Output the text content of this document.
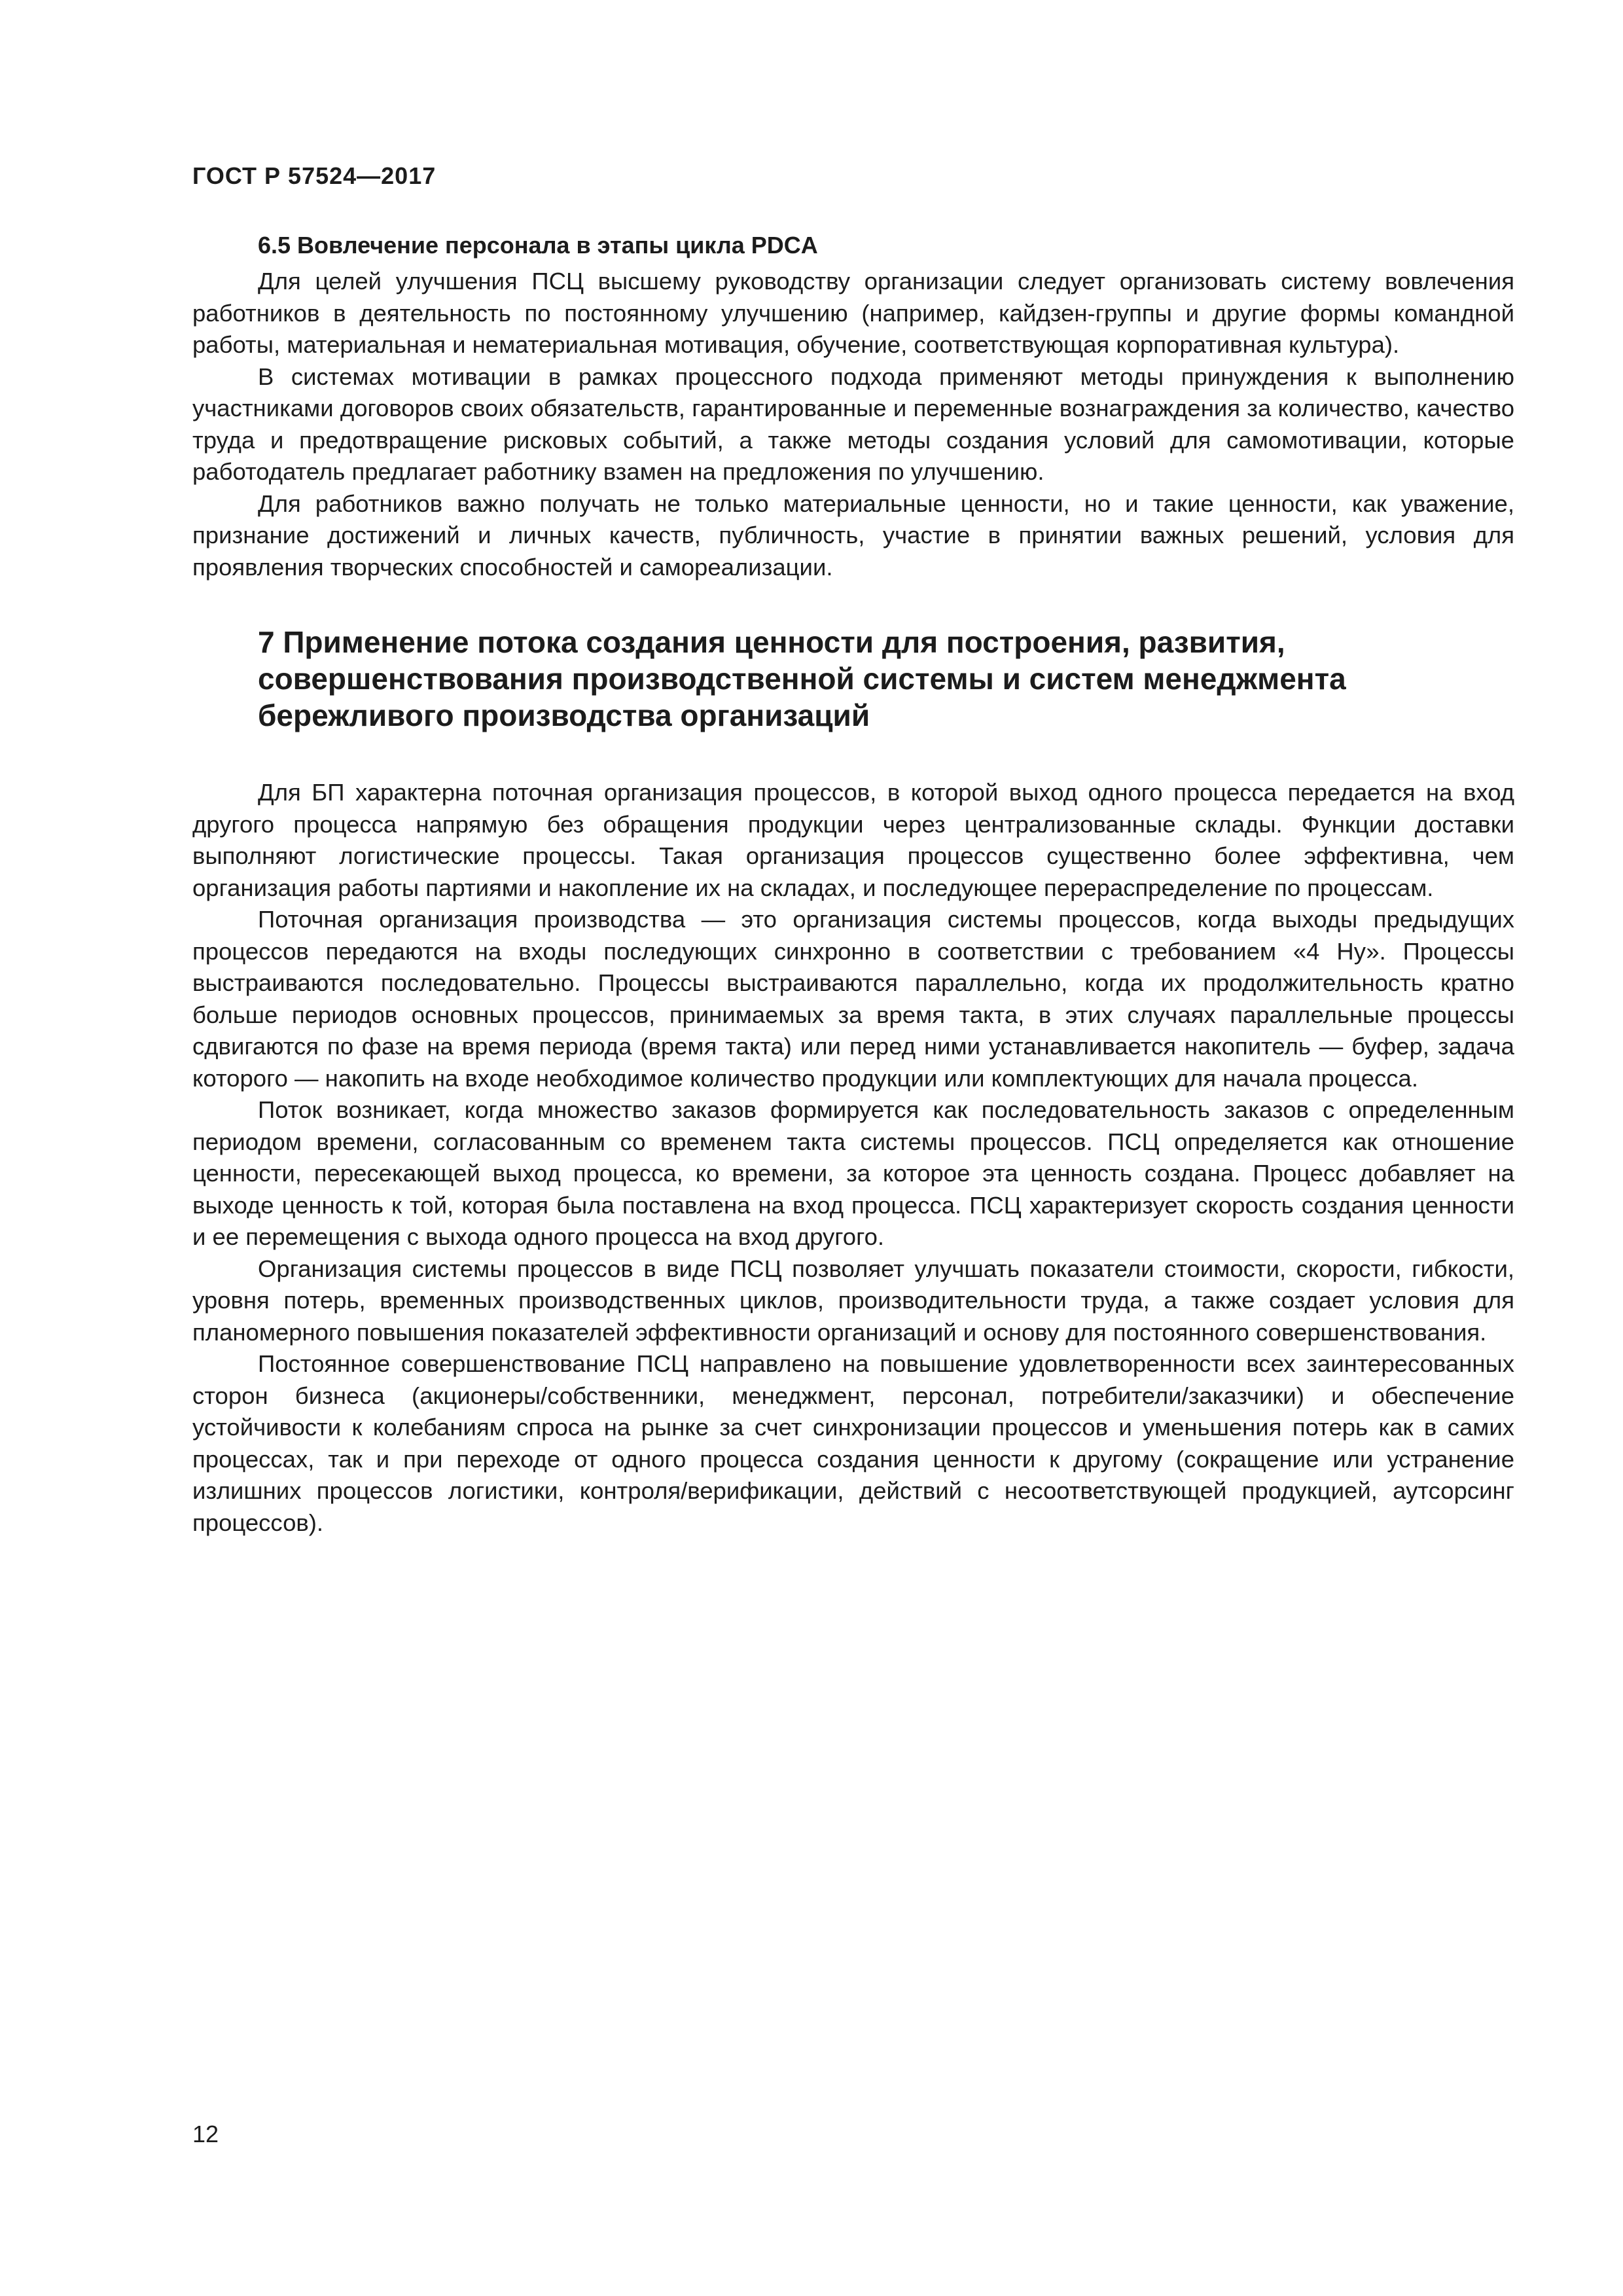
ГОСТ Р 57524—2017
6.5 Вовлечение персонала в этапы цикла PDCA

Для целей улучшения ПСЦ высшему руководству организации следует организовать систему вовлечения работников в деятельность по постоянному улучшению (например, кайдзен-группы и другие формы командной работы, материальная и нематериальная мотивация, обучение, соответствующая корпоративная культура).

В системах мотивации в рамках процессного подхода применяют методы принуждения к выполнению участниками договоров своих обязательств, гарантированные и переменные вознаграждения за количество, качество труда и предотвращение рисковых событий, а также методы создания условий для самомотивации, которые работодатель предлагает работнику взамен на предложения по улучшению.

Для работников важно получать не только материальные ценности, но и такие ценности, как уважение, признание достижений и личных качеств, публичность, участие в принятии важных решений, условия для проявления творческих способностей и самореализации.

7 Применение потока создания ценности для построения, развития, совершенствования производственной системы и систем менеджмента бережливого производства организаций

Для БП характерна поточная организация процессов, в которой выход одного процесса передается на вход другого процесса напрямую без обращения продукции через централизованные склады. Функции доставки выполняют логистические процессы. Такая организация процессов существенно более эффективна, чем организация работы партиями и накопление их на складах, и последующее перераспределение по процессам.

Поточная организация производства — это организация системы процессов, когда выходы предыдущих процессов передаются на входы последующих синхронно в соответствии с требованием «4 Ну». Процессы выстраиваются последовательно. Процессы выстраиваются параллельно, когда их продолжительность кратно больше периодов основных процессов, принимаемых за время такта, в этих случаях параллельные процессы сдвигаются по фазе на время периода (время такта) или перед ними устанавливается накопитель — буфер, задача которого — накопить на входе необходимое количество продукции или комплектующих для начала процесса.

Поток возникает, когда множество заказов формируется как последовательность заказов с определенным периодом времени, согласованным со временем такта системы процессов. ПСЦ определяется как отношение ценности, пересекающей выход процесса, ко времени, за которое эта ценность создана. Процесс добавляет на выходе ценность к той, которая была поставлена на вход процесса. ПСЦ характеризует скорость создания ценности и ее перемещения с выхода одного процесса на вход другого.

Организация системы процессов в виде ПСЦ позволяет улучшать показатели стоимости, скорости, гибкости, уровня потерь, временных производственных циклов, производительности труда, а также создает условия для планомерного повышения показателей эффективности организаций и основу для постоянного совершенствования.

Постоянное совершенствование ПСЦ направлено на повышение удовлетворенности всех заинтересованных сторон бизнеса (акционеры/собственники, менеджмент, персонал, потребители/заказчики) и обеспечение устойчивости к колебаниям спроса на рынке за счет синхронизации процессов и уменьшения потерь как в самих процессах, так и при переходе от одного процесса создания ценности к другому (сокращение или устранение излишних процессов логистики, контроля/верификации, действий с несоответствующей продукцией, аутсорсинг процессов).

12
